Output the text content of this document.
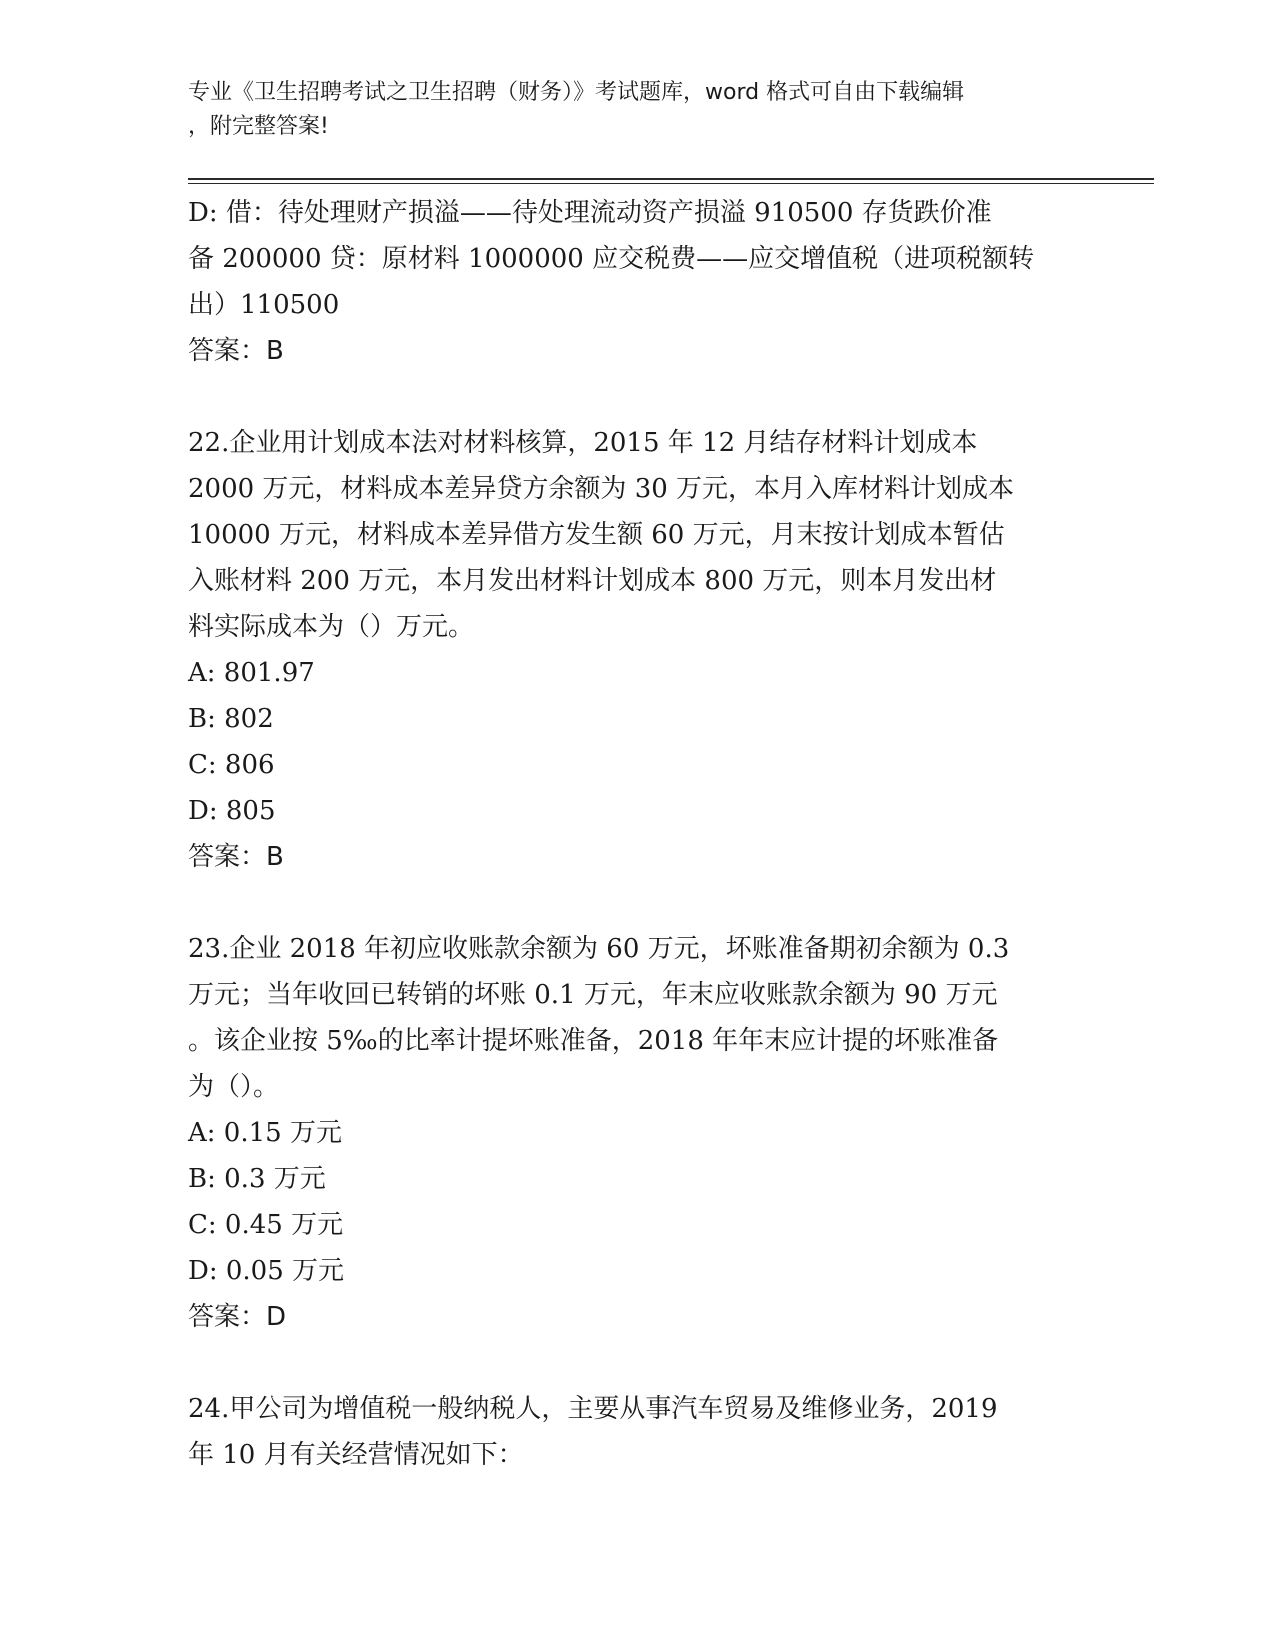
专业《卫生招聘考试之卫生招聘（财务）》考试题库，word 格式可自由下载编辑
，附完整答案!

D: 借：待处理财产损溢——待处理流动资产损溢 910500 存货跌价准

备 200000 贷：原材料 1000000 应交税费——应交增值税（进项税额转

出）110500

答案：B

22.企业用计划成本法对材料核算，2015 年 12 月结存材料计划成本

2000 万元，材料成本差异贷方余额为 30 万元，本月入库材料计划成本

10000 万元，材料成本差异借方发生额 60 万元，月末按计划成本暂估

入账材料 200 万元，本月发出材料计划成本 800 万元，则本月发出材

料实际成本为（）万元。

A: 801.97

B: 802

C: 806

D: 805

答案：B

23.企业 2018 年初应收账款余额为 60 万元，坏账准备期初余额为 0.3

万元；当年收回已转销的坏账 0.1 万元，年末应收账款余额为 90 万元

。该企业按 5‰的比率计提坏账准备，2018 年年末应计提的坏账准备

为（）。

A: 0.15 万元

B: 0.3 万元

C: 0.45 万元

D: 0.05 万元

答案：D

24.甲公司为增值税一般纳税人，主要从事汽车贸易及维修业务，2019

年 10 月有关经营情况如下：
